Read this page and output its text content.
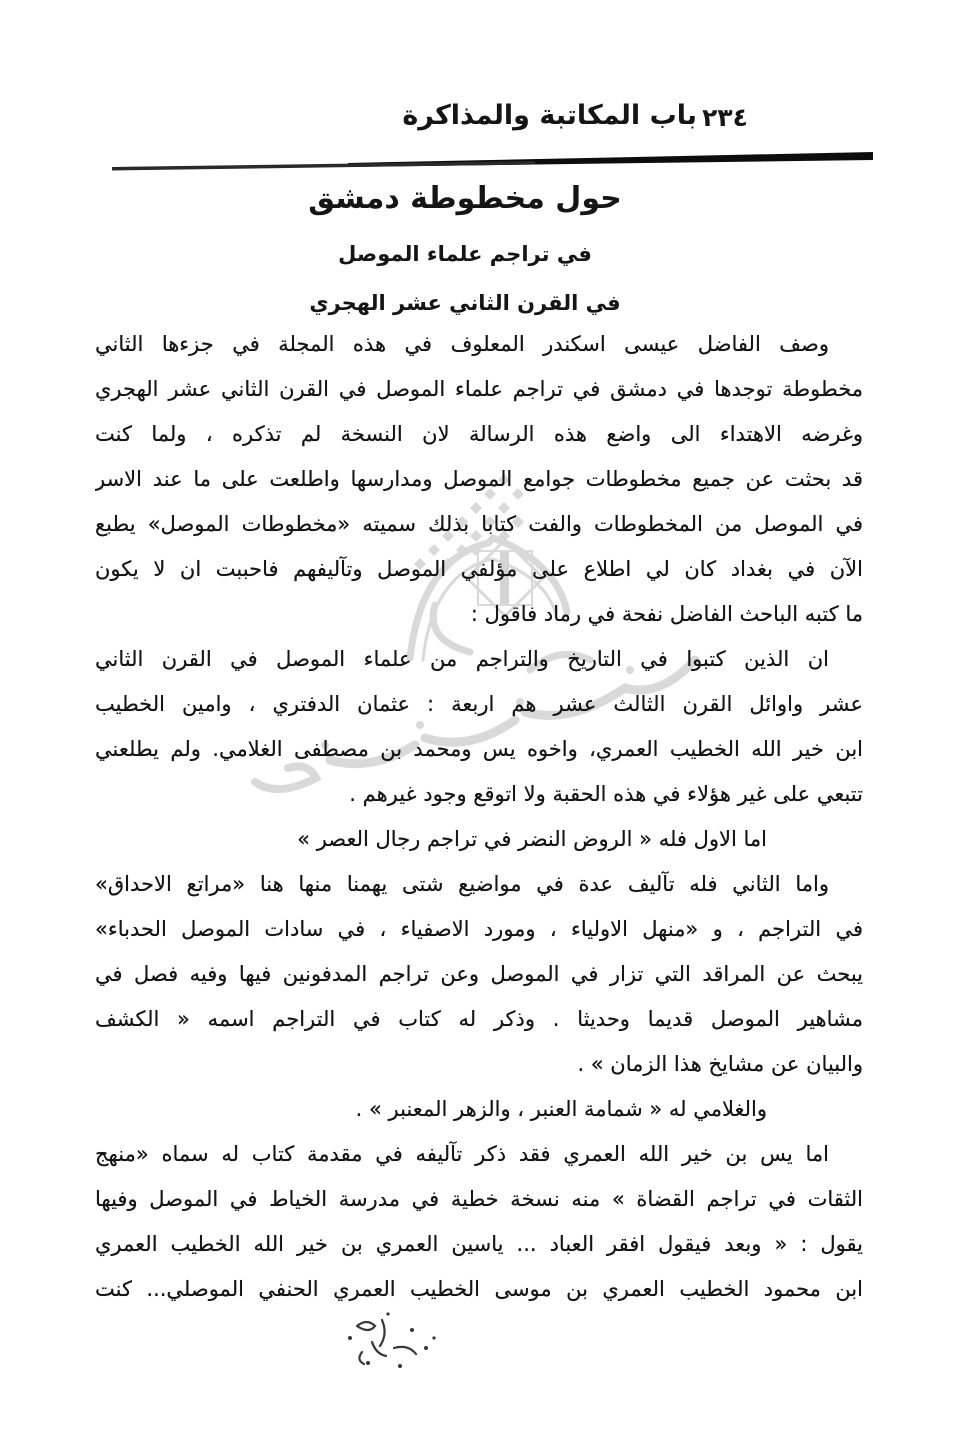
باب المكاتبة والمذاكرة ٢٣٤
حول مخطوطة دمشق
في تراجم علماء الموصل
في القرن الثاني عشر الهجري
وصف الفاضل عيسى اسكندر المعلوف في هذه المجلة في جزءها الثاني
مخطوطة توجدها في دمشق في تراجم علماء الموصل في القرن الثاني عشر الهجري
وغرضه الاهتداء الى واضع هذه الرسالة لان النسخة لم تذكره ، ولما كنت
قد بحثت عن جميع مخطوطات جوامع الموصل ومدارسها واطلعت على ما عند الاسر
في الموصل من المخطوطات والفت كتابا بذلك سميته «مخطوطات الموصل» يطبع
الآن في بغداد كان لي اطلاع على مؤلفي الموصل وتآليفهم فاحببت ان لا يكون
ما كتبه الباحث الفاضل نفحة في رماد فاقول :
ان الذين كتبوا في التاريخ والتراجم من علماء الموصل في القرن الثاني
عشر واوائل القرن الثالث عشر هم اربعة : عثمان الدفتري ، وامين الخطيب
ابن خير الله الخطيب العمري، واخوه يس ومحمد بن مصطفى الغلامي. ولم يطلعني
تتبعي على غير هؤلاء في هذه الحقبة ولا اتوقع وجود غيرهم .
اما الاول فله « الروض النضر في تراجم رجال العصر »
واما الثاني فله تآليف عدة في مواضيع شتى يهمنا منها هنا «مراتع الاحداق»
في التراجم ، و «منهل الاولياء ، ومورد الاصفياء ، في سادات الموصل الحدباء»
يبحث عن المراقد التي تزار في الموصل وعن تراجم المدفونين فيها وفيه فصل في
مشاهير الموصل قديما وحديثا . وذكر له كتاب في التراجم اسمه « الكشف
والبيان عن مشايخ هذا الزمان » .
والغلامي له « شمامة العنبر ، والزهر المعنبر » .
اما يس بن خير الله العمري فقد ذكر تآليفه في مقدمة كتاب له سماه «منهج
الثقات في تراجم القضاة » منه نسخة خطية في مدرسة الخياط في الموصل وفيها
يقول : « وبعد فيقول افقر العباد ... ياسين العمري بن خير الله الخطيب العمري
ابن محمود الخطيب العمري بن موسى الخطيب العمري الحنفي الموصلي... كنت
